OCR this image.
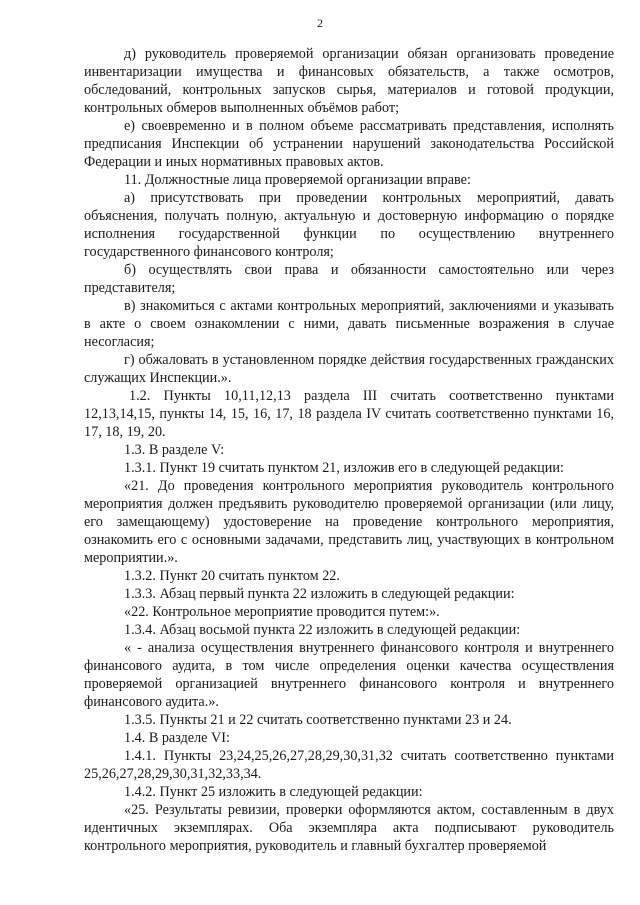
2

д) руководитель проверяемой организации обязан организовать проведение инвентаризации имущества и финансовых обязательств, а также осмотров, обследований, контрольных запусков сырья, материалов и готовой продукции, контрольных обмеров выполненных объёмов работ;

е) своевременно и в полном объеме рассматривать представления, исполнять предписания Инспекции об устранении нарушений законодательства Российской Федерации и иных нормативных правовых актов.

11. Должностные лица проверяемой организации вправе:

а) присутствовать при проведении контрольных мероприятий, давать объяснения, получать полную, актуальную и достоверную информацию о порядке исполнения государственной функции по осуществлению внутреннего государственного финансового контроля;

б) осуществлять свои права и обязанности самостоятельно или через представителя;

в) знакомиться с актами контрольных мероприятий, заключениями и указывать в акте о своем ознакомлении с ними, давать письменные возражения в случае несогласия;

г) обжаловать в установленном порядке действия государственных гражданских служащих Инспекции.».

1.2. Пункты 10,11,12,13 раздела III считать соответственно пунктами 12,13,14,15, пункты 14, 15, 16, 17, 18 раздела IV считать соответственно пунктами 16, 17, 18, 19, 20.

1.3. В разделе V:

1.3.1. Пункт 19 считать пунктом 21, изложив его в следующей редакции:

«21. До проведения контрольного мероприятия руководитель контрольного мероприятия должен предъявить руководителю проверяемой организации (или лицу, его замещающему) удостоверение на проведение контрольного мероприятия, ознакомить его с основными задачами, представить лиц, участвующих в контрольном мероприятии.».

1.3.2. Пункт 20 считать пунктом 22.

1.3.3. Абзац первый пункта 22 изложить в следующей редакции:

«22. Контрольное мероприятие проводится путем:».

1.3.4. Абзац восьмой пункта 22 изложить в следующей редакции:

« - анализа осуществления внутреннего финансового контроля и внутреннего финансового аудита, в том числе определения оценки качества осуществления проверяемой организацией внутреннего финансового контроля и внутреннего финансового аудита.».

1.3.5. Пункты 21 и 22 считать соответственно пунктами 23 и 24.

1.4. В разделе VI:

1.4.1. Пункты 23,24,25,26,27,28,29,30,31,32 считать соответственно пунктами 25,26,27,28,29,30,31,32,33,34.

1.4.2. Пункт 25 изложить в следующей редакции:

«25. Результаты ревизии, проверки оформляются актом, составленным в двух идентичных экземплярах. Оба экземпляра акта подписывают руководитель контрольного мероприятия, руководитель и главный бухгалтер проверяемой
